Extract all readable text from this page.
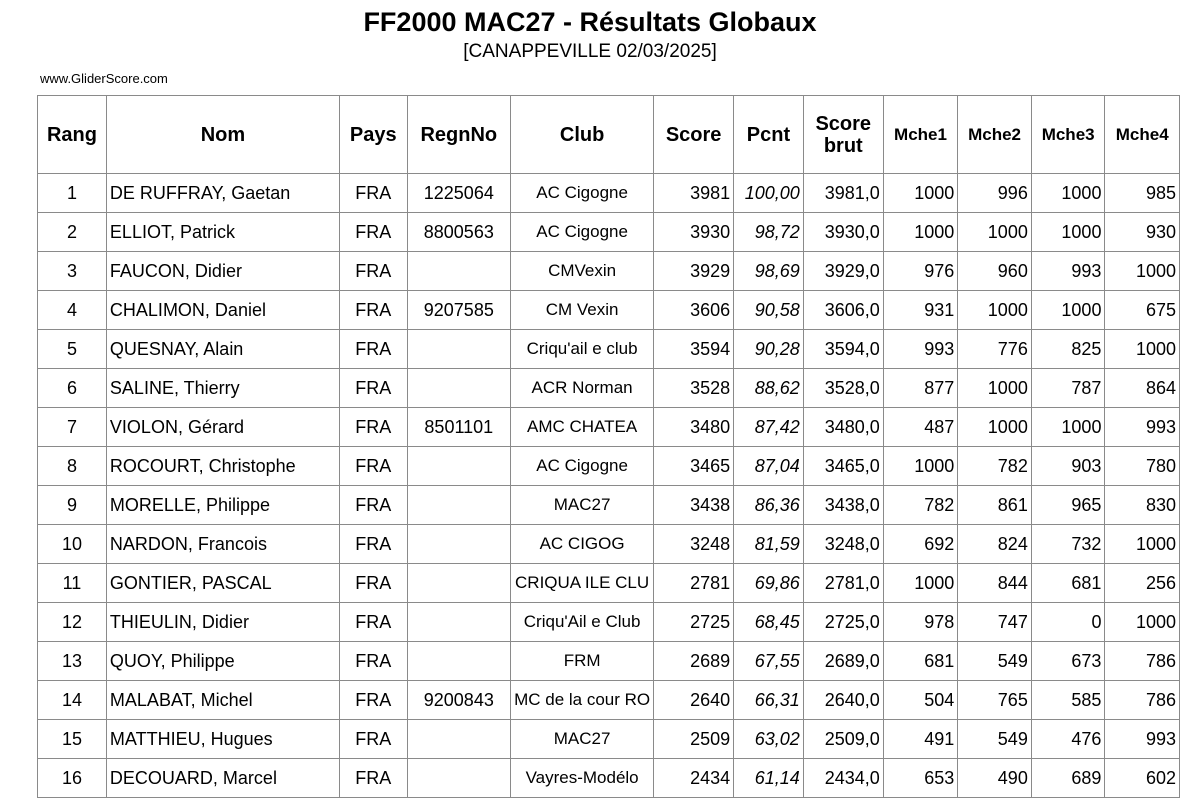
FF2000 MAC27 - Résultats Globaux
[CANAPPEVILLE 02/03/2025]
www.GliderScore.com
Rang	Nom	Pays	RegnNo	Club	Score	Pcnt	Score brut	Mche1	Mche2	Mche3	Mche4
1	DE RUFFRAY, Gaetan	FRA	1225064	AC Cigogne	3981	100,00	3981,0	1000	996	1000	985
2	ELLIOT, Patrick	FRA	8800563	AC Cigogne	3930	98,72	3930,0	1000	1000	1000	930
3	FAUCON, Didier	FRA		CMVexin	3929	98,69	3929,0	976	960	993	1000
4	CHALIMON, Daniel	FRA	9207585	CM Vexin	3606	90,58	3606,0	931	1000	1000	675
5	QUESNAY, Alain	FRA		Criqu'ail e club	3594	90,28	3594,0	993	776	825	1000
6	SALINE, Thierry	FRA		ACR Norman	3528	88,62	3528,0	877	1000	787	864
7	VIOLON, Gérard	FRA	8501101	AMC CHATEA	3480	87,42	3480,0	487	1000	1000	993
8	ROCOURT, Christophe	FRA		AC Cigogne	3465	87,04	3465,0	1000	782	903	780
9	MORELLE, Philippe	FRA		MAC27	3438	86,36	3438,0	782	861	965	830
10	NARDON, Francois	FRA		AC CIGOG	3248	81,59	3248,0	692	824	732	1000
11	GONTIER, PASCAL	FRA		CRIQUA ILE CLU	2781	69,86	2781,0	1000	844	681	256
12	THIEULIN, Didier	FRA		Criqu'Ail e Club	2725	68,45	2725,0	978	747	0	1000
13	QUOY, Philippe	FRA		FRM	2689	67,55	2689,0	681	549	673	786
14	MALABAT, Michel	FRA	9200843	MC de la cour RO	2640	66,31	2640,0	504	765	585	786
15	MATTHIEU, Hugues	FRA		MAC27	2509	63,02	2509,0	491	549	476	993
16	DECOUARD, Marcel	FRA		Vayres-Modélo	2434	61,14	2434,0	653	490	689	602
